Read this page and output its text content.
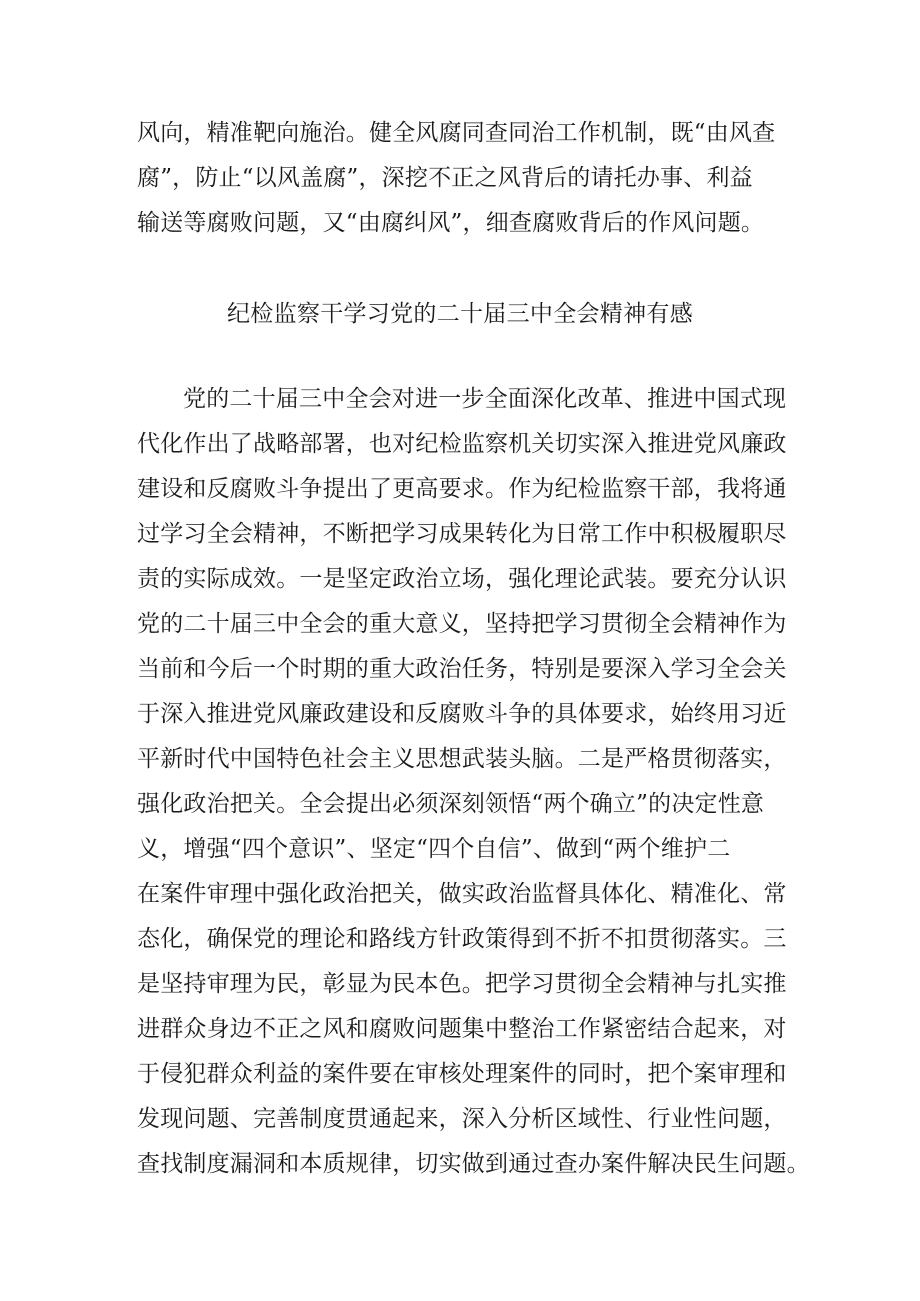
风向，精准靶向施治。健全风腐同查同治工作机制，既“由风查
腐”，防止“以风盖腐”，深挖不正之风背后的请托办事、利益
输送等腐败问题，又“由腐纠风”，细查腐败背后的作风问题。
纪检监察干学习党的二十届三中全会精神有感
党的二十届三中全会对进一步全面深化改革、推进中国式现
代化作出了战略部署，也对纪检监察机关切实深入推进党风廉政
建设和反腐败斗争提出了更高要求。作为纪检监察干部，我将通
过学习全会精神，不断把学习成果转化为日常工作中积极履职尽
责的实际成效。一是坚定政治立场，强化理论武装。要充分认识
党的二十届三中全会的重大意义，坚持把学习贯彻全会精神作为
当前和今后一个时期的重大政治任务，特别是要深入学习全会关
于深入推进党风廉政建设和反腐败斗争的具体要求，始终用习近
平新时代中国特色社会主义思想武装头脑。二是严格贯彻落实，
强化政治把关。全会提出必须深刻领悟“两个确立”的决定性意
义，增强“四个意识”、坚定“四个自信”、做到“两个维护二
在案件审理中强化政治把关，做实政治监督具体化、精准化、常
态化，确保党的理论和路线方针政策得到不折不扣贯彻落实。三
是坚持审理为民，彰显为民本色。把学习贯彻全会精神与扎实推
进群众身边不正之风和腐败问题集中整治工作紧密结合起来，对
于侵犯群众利益的案件要在审核处理案件的同时，把个案审理和
发现问题、完善制度贯通起来，深入分析区域性、行业性问题，
查找制度漏洞和本质规律，切实做到通过查办案件解决民生问题。
